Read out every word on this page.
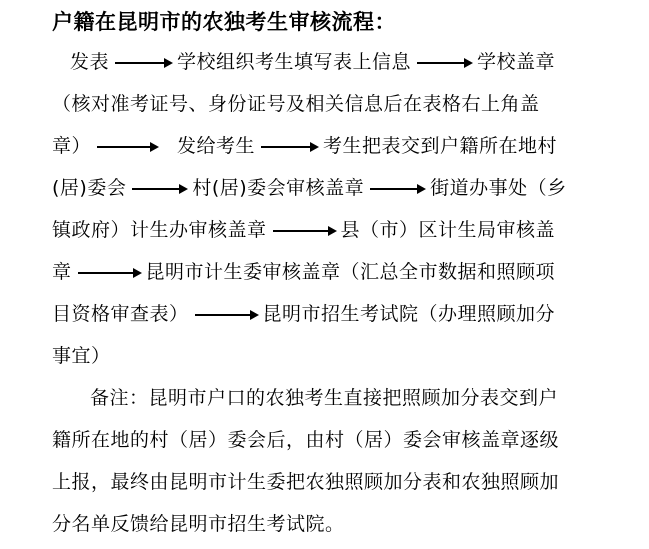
户籍在昆明市的农独考生审核流程：
发表	学校组织考生填写表上信息	学校盖章
（核对准考证号、身份证号及相关信息后在表格右上角盖
章）	发给考生	考生把表交到户籍所在地村
(居)委会	村(居)委会审核盖章	街道办事处（乡
镇政府）计生办审核盖章	县（市）区计生局审核盖
章	昆明市计生委审核盖章（汇总全市数据和照顾项
目资格审查表）	昆明市招生考试院（办理照顾加分
事宜）
备注：昆明市户口的农独考生直接把照顾加分表交到户
籍所在地的村（居）委会后，由村（居）委会审核盖章逐级
上报，最终由昆明市计生委把农独照顾加分表和农独照顾加
分名单反馈给昆明市招生考试院。
